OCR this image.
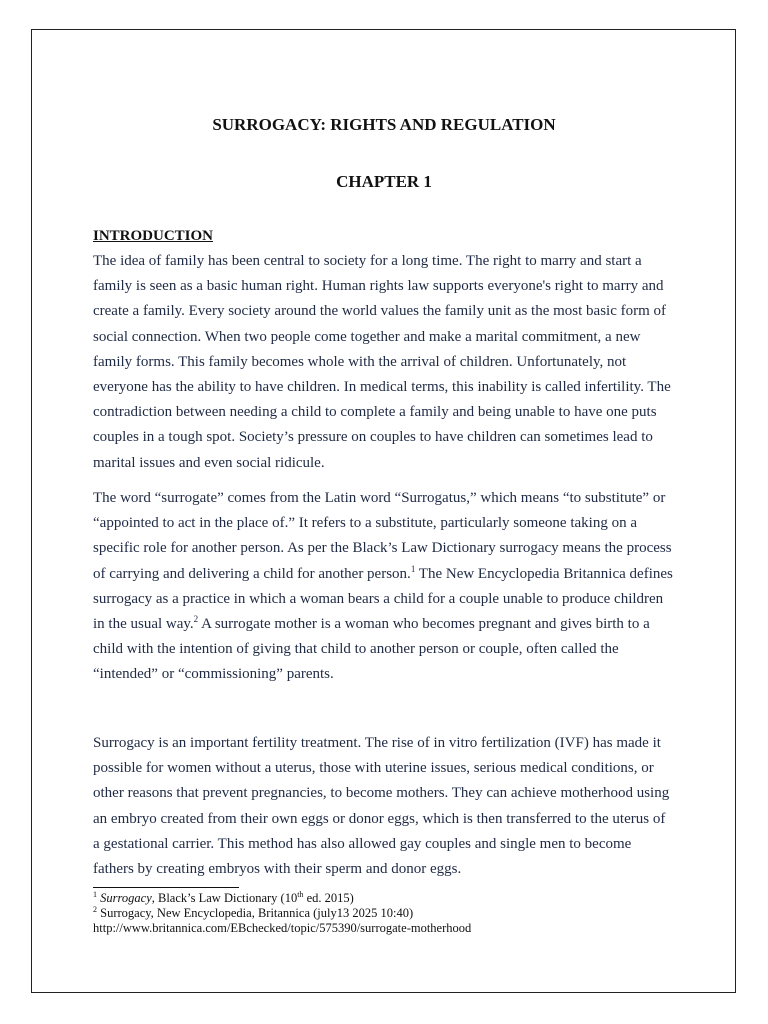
SURROGACY: RIGHTS AND REGULATION
CHAPTER 1
INTRODUCTION

The idea of family has been central to society for a long time. The right to marry and start a family is seen as a basic human right. Human rights law supports everyone's right to marry and create a family. Every society around the world values the family unit as the most basic form of social connection. When two people come together and make a marital commitment, a new family forms. This family becomes whole with the arrival of children. Unfortunately, not everyone has the ability to have children. In medical terms, this inability is called infertility. The contradiction between needing a child to complete a family and being unable to have one puts couples in a tough spot. Society’s pressure on couples to have children can sometimes lead to marital issues and even social ridicule.

The word “surrogate” comes from the Latin word “Surrogatus,” which means “to substitute” or “appointed to act in the place of.” It refers to a substitute, particularly someone taking on a specific role for another person. As per the Black’s Law Dictionary surrogacy means the process of carrying and delivering a child for another person.$^1$ The New Encyclopedia Britannica defines surrogacy as a practice in which a woman bears a child for a couple unable to produce children in the usual way.$^2$ A surrogate mother is a woman who becomes pregnant and gives birth to a child with the intention of giving that child to another person or couple, often called the “intended” or “commissioning” parents.

Surrogacy is an important fertility treatment. The rise of in vitro fertilization (IVF) has made it possible for women without a uterus, those with uterine issues, serious medical conditions, or other reasons that prevent pregnancies, to become mothers. They can achieve motherhood using an embryo created from their own eggs or donor eggs, which is then transferred to the uterus of a gestational carrier. This method has also allowed gay couples and single men to become fathers by creating embryos with their sperm and donor eggs.

$^1$ Surrogacy, Black’s Law Dictionary (10th ed. 2015)
$^2$ Surrogacy, New Encyclopedia, Britannica (july13 2025 10:40)
http://www.britannica.com/EBchecked/topic/575390/surrogate-motherhood
